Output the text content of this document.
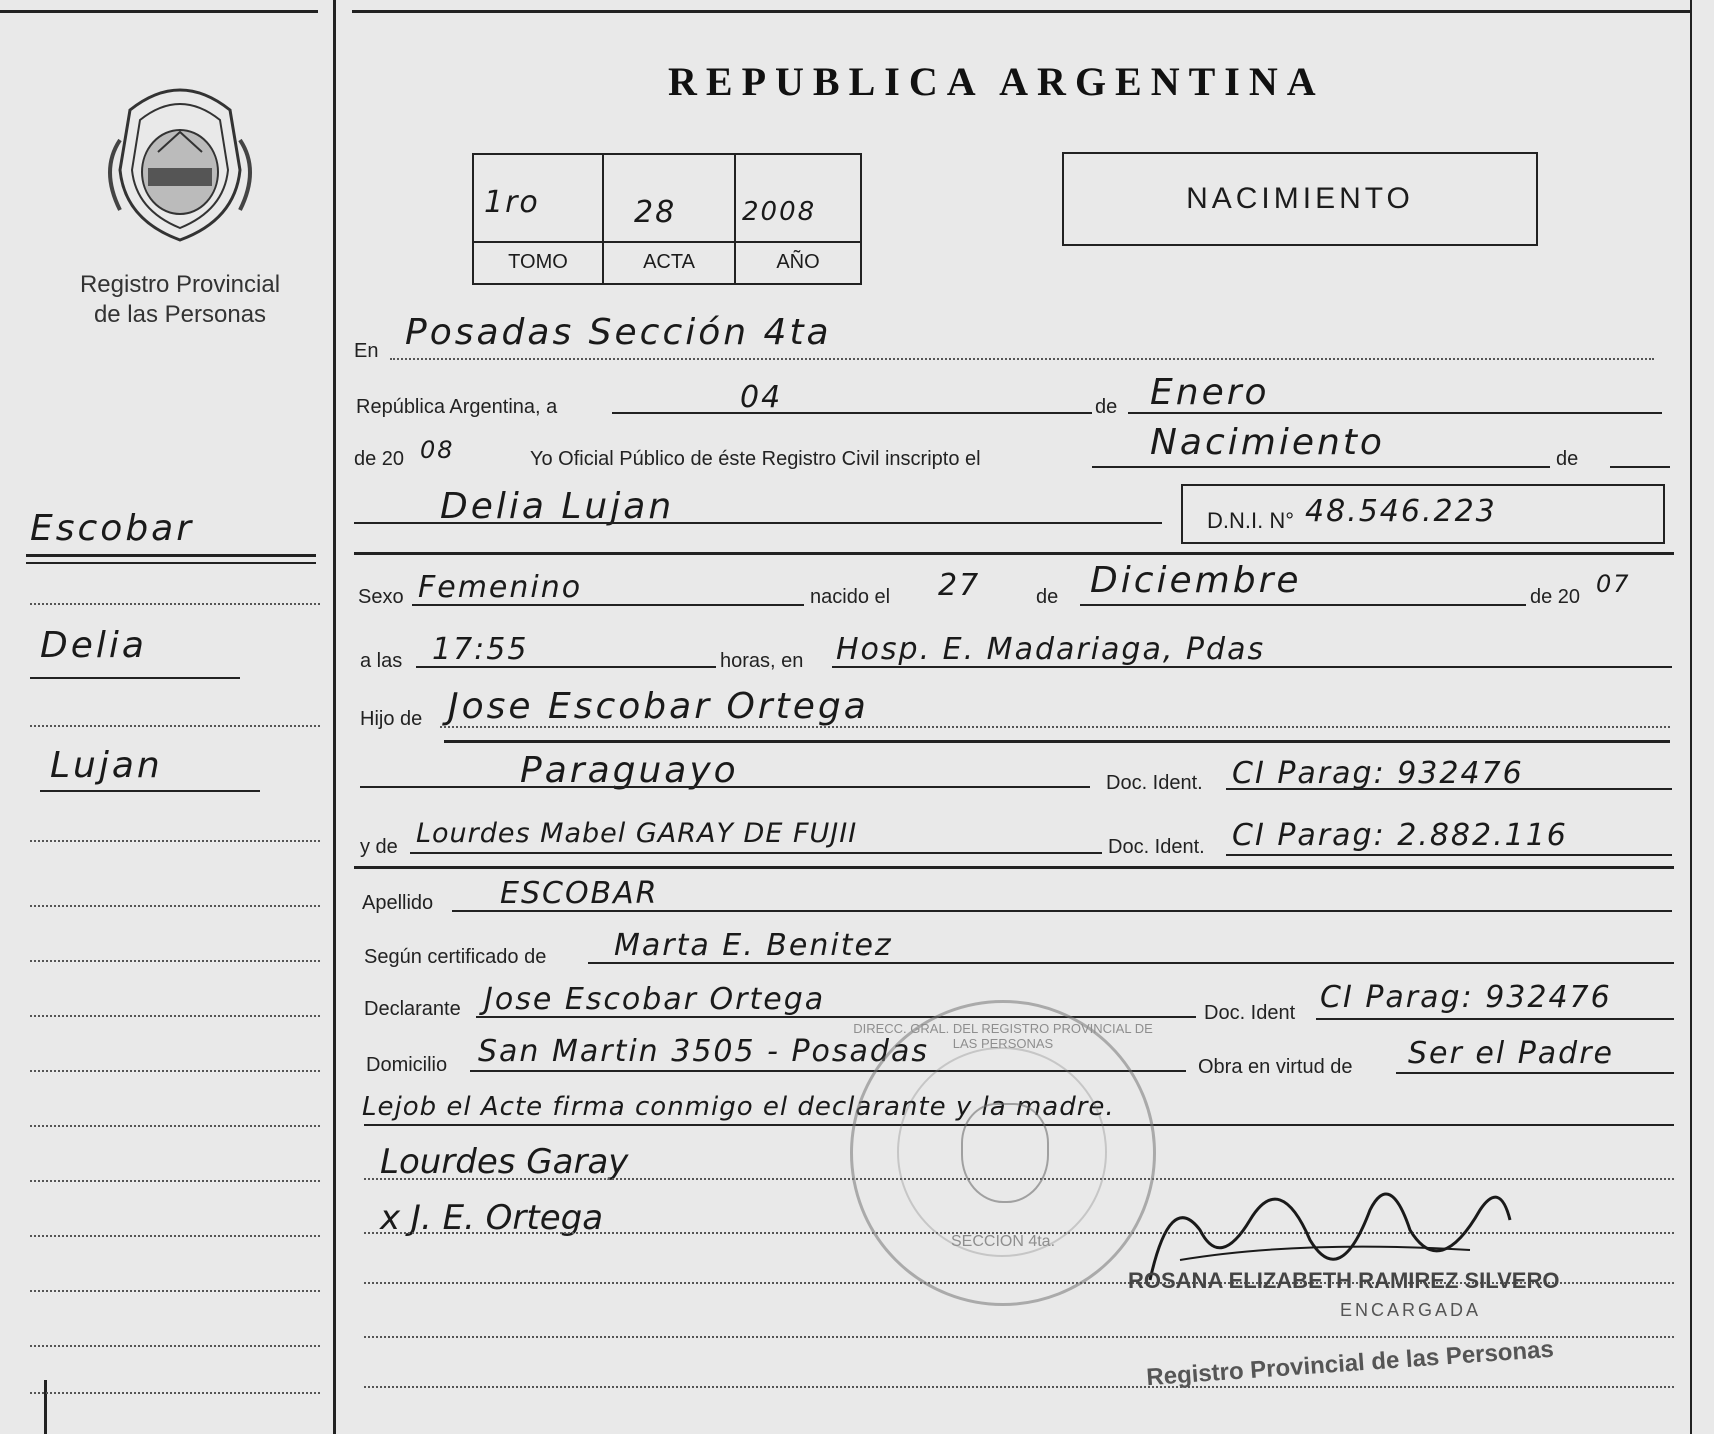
Registro Provincial
de las Personas
Escobar
Delia
Lujan
REPUBLICA ARGENTINA
1ro	28	2008
TOMO	ACTA	AÑO
NACIMIENTO
En Posadas Sección 4ta
República Argentina, a	04	de Enero
de 20 08	Yo Oficial Público de éste Registro Civil inscripto el	Nacimiento	de
Delia Lujan	D.N.I. N° 48.546.223
Sexo Femenino	nacido el 27	de Diciembre	de 20 07
a las 17:55	horas, en Hosp. E. Madariaga, Pdas
Hijo de Jose Escobar Ortega
Paraguayo	Doc. Ident. CI Parag: 932476
y de Lourdes Mabel GARAY DE FUJII	Doc. Ident. CI Parag: 2.882.116
Apellido ESCOBAR
Según certificado de Marta E. Benitez
Declarante Jose Escobar Ortega	Doc. Ident CI Parag: 932476
Domicilio San Martin 3505 - Posadas	Obra en virtud de Ser el Padre
Lejob el Acte firma conmigo el declarante y la madre.
Lourdes Garay
x J. E. Ortega
DIRECC. GRAL. DEL REGISTRO PROVINCIAL DE LAS PERSONAS
SECCION 4ta.
ROSANA ELIZABETH RAMIREZ SILVERO
ENCARGADA
Registro Provincial de las Personas
